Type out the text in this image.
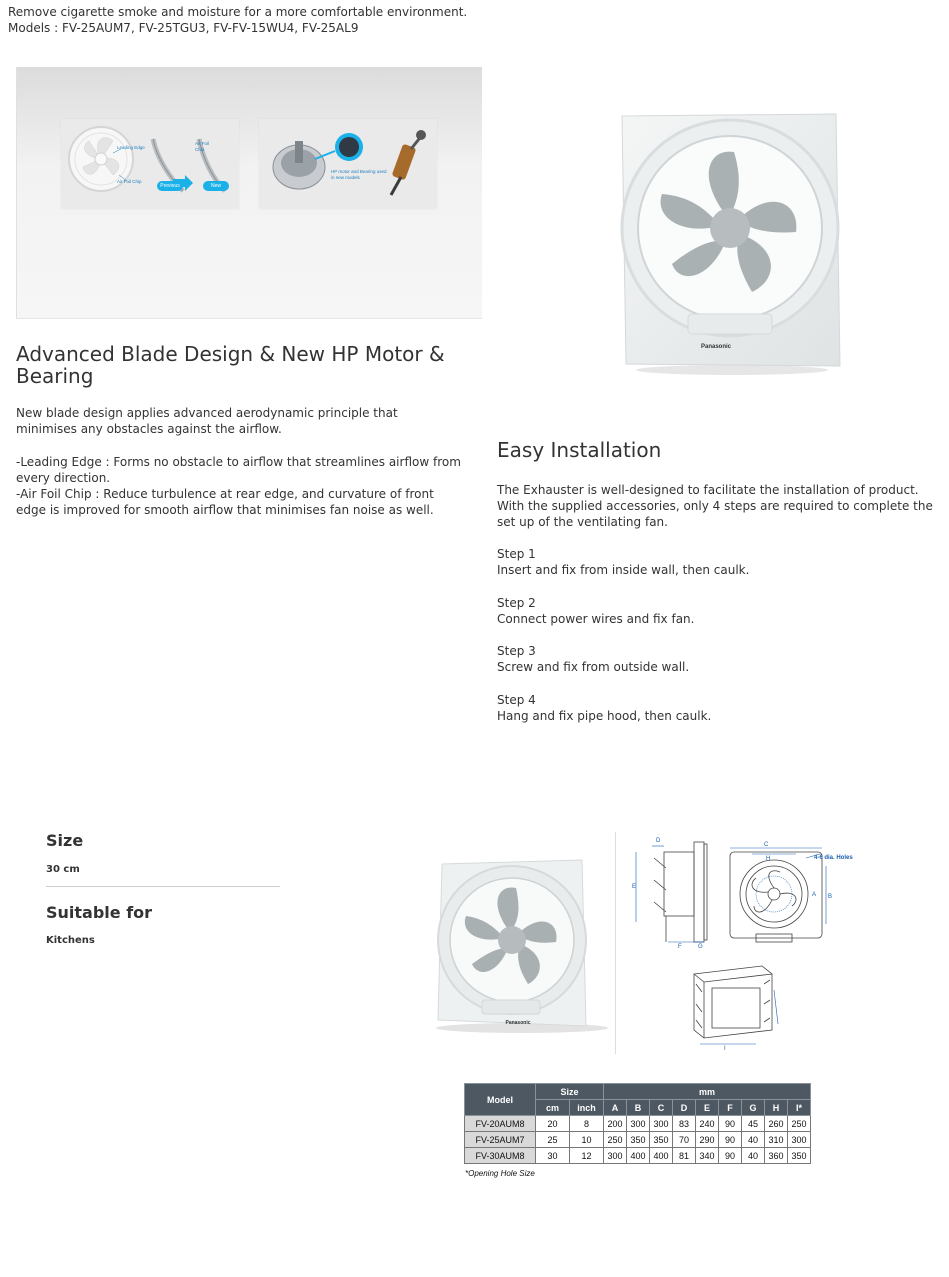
Remove cigarette smoke and moisture for a more comfortable environment.
Models : FV-25AUM7, FV-25TGU3, FV-FV-15WU4, FV-25AL9
Leading Edge
Air Foil Chip
Air Foil Chip
Previous	New
HP motor and Bearing used in new models
Panasonic
Advanced Blade Design & New HP Motor & Bearing

New blade design applies advanced aerodynamic principle that minimises any obstacles against the airflow.

-Leading Edge : Forms no obstacle to airflow that streamlines airflow from every direction.

-Air Foil Chip : Reduce turbulence at rear edge, and curvature of front edge is improved for smooth airflow that minimises fan noise as well.

Easy Installation

The Exhauster is well-designed to facilitate the installation of product. With the supplied accessories, only 4 steps are required to complete the set up of the ventilating fan.

Step 1
Insert and fix from inside wall, then caulk.
Step 2
Connect power wires and fix fan.
Step 3
Screw and fix from outside wall.
Step 4
Hang and fix pipe hood, then caulk.
Size
30 cm
Suitable for
Kitchens
Panasonic
D
E
F	G
C
H
A B
4-6 dia. Holes
I
Model	Size		mm								
	cm	inch	A	B	C	D	E	F	G	H	I*
FV-20AUM8	20	8	200	300	300	83	240	90	45	260	250
FV-25AUM7	25	10	250	350	350	70	290	90	40	310	300
FV-30AUM8	30	12	300	400	400	81	340	90	40	360	350
*Opening Hole Size
